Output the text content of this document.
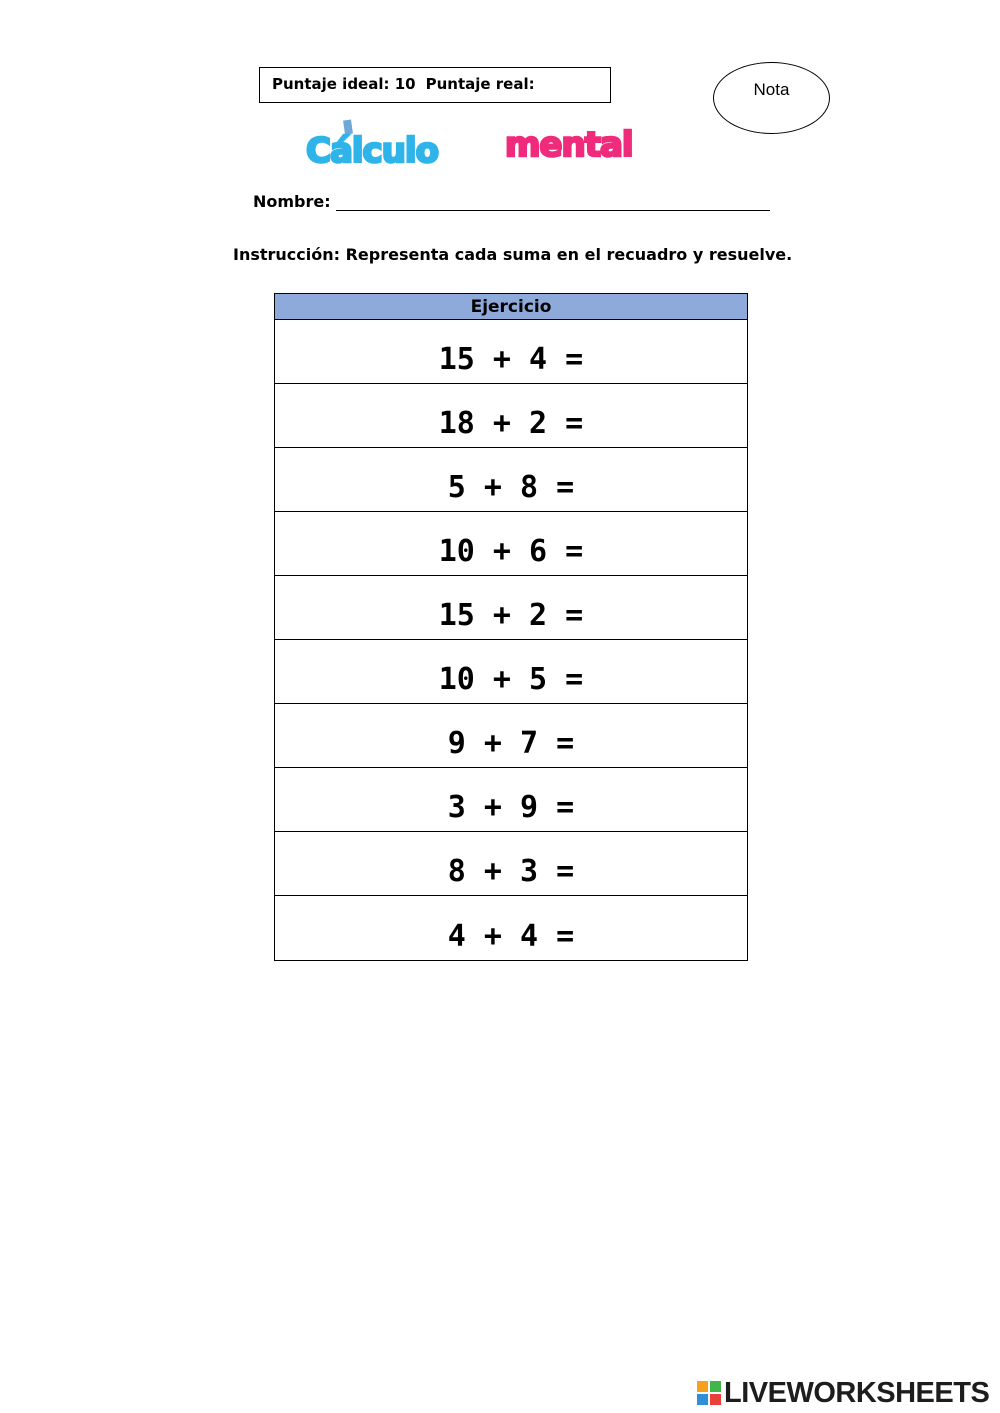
Puntaje ideal: 10 Puntaje real:	Nota
Cálculo mental
Nombre:
Instrucción: Representa cada suma en el recuadro y resuelve.
Ejercicio
15 + 4 =
18 + 2 =
5 + 8 =
10 + 6 =
15 + 2 =
10 + 5 =
9 + 7 =
3 + 9 =
8 + 3 =
4 + 4 =
LIVEWORKSHEETS
